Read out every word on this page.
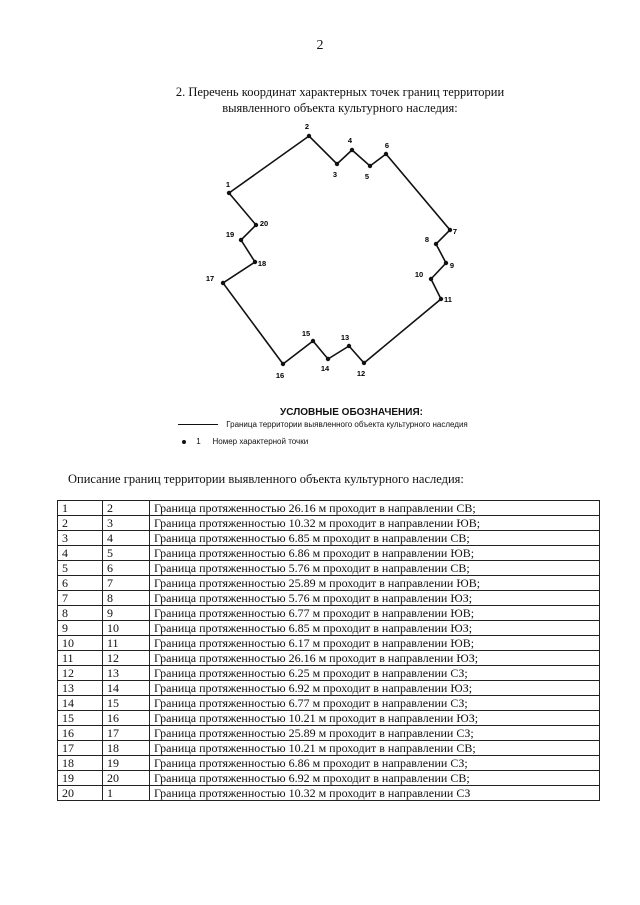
2
2. Перечень координат характерных точек границ территории
выявленного объекта культурного наследия:
1
2
3
4
5
6
7
8
9
10
11
12
13
14
15
16
17
18
19
20
УСЛОВНЫЕ ОБОЗНАЧЕНИЯ:
Граница территории выявленного объекта культурного наследия
1 Номер характерной точки
Описание границ территории выявленного объекта культурного наследия:
1	2	Граница протяженностью 26.16 м проходит в направлении СВ;
2	3	Граница протяженностью 10.32 м проходит в направлении ЮВ;
3	4	Граница протяженностью 6.85 м проходит в направлении СВ;
4	5	Граница протяженностью 6.86 м проходит в направлении ЮВ;
5	6	Граница протяженностью 5.76 м проходит в направлении СВ;
6	7	Граница протяженностью 25.89 м проходит в направлении ЮВ;
7	8	Граница протяженностью 5.76 м проходит в направлении ЮЗ;
8	9	Граница протяженностью 6.77 м проходит в направлении ЮВ;
9	10	Граница протяженностью 6.85 м проходит в направлении ЮЗ;
10	11	Граница протяженностью 6.17 м проходит в направлении ЮВ;
11	12	Граница протяженностью 26.16 м проходит в направлении ЮЗ;
12	13	Граница протяженностью 6.25 м проходит в направлении СЗ;
13	14	Граница протяженностью 6.92 м проходит в направлении ЮЗ;
14	15	Граница протяженностью 6.77 м проходит в направлении СЗ;
15	16	Граница протяженностью 10.21 м проходит в направлении ЮЗ;
16	17	Граница протяженностью 25.89 м проходит в направлении СЗ;
17	18	Граница протяженностью 10.21 м проходит в направлении СВ;
18	19	Граница протяженностью 6.86 м проходит в направлении СЗ;
19	20	Граница протяженностью 6.92 м проходит в направлении СВ;
20	1	Граница протяженностью 10.32 м проходит в направлении СЗ
